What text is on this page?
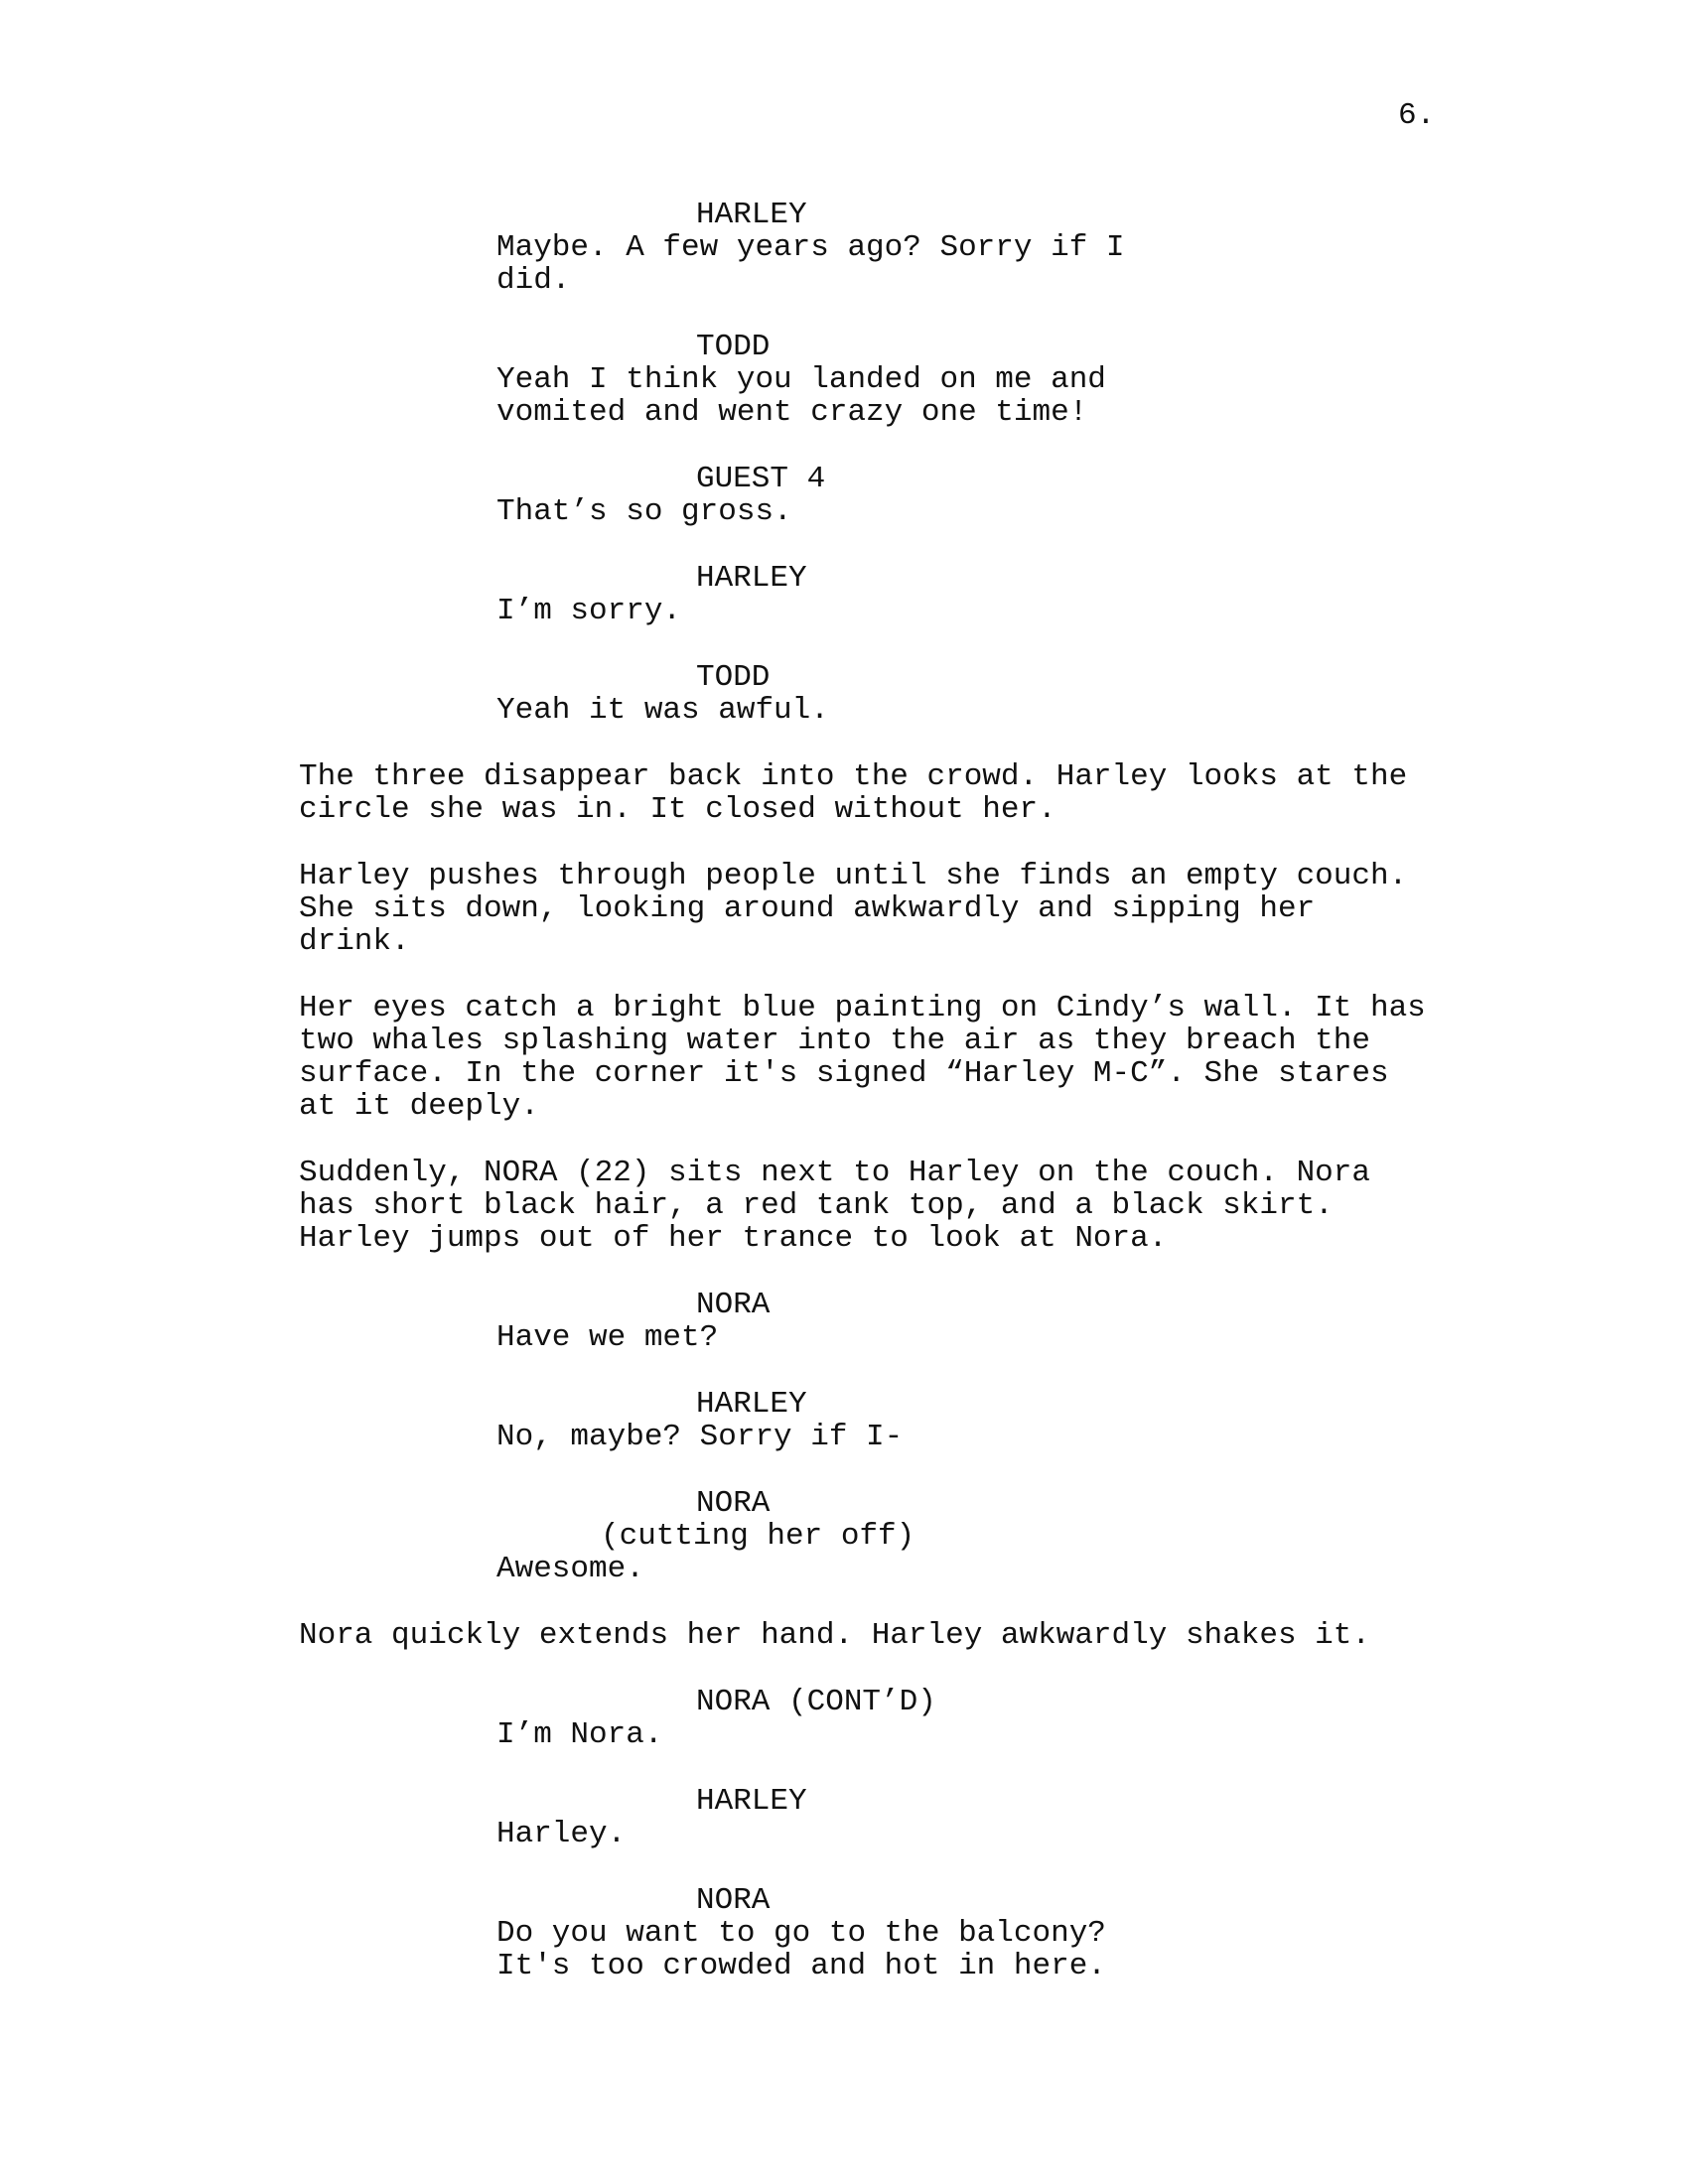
6.
HARLEY
Maybe. A few years ago? Sorry if I
did.
TODD
Yeah I think you landed on me and
vomited and went crazy one time!
GUEST 4
That’s so gross.
HARLEY
I’m sorry.
TODD
Yeah it was awful.
The three disappear back into the crowd. Harley looks at the
circle she was in. It closed without her.
Harley pushes through people until she finds an empty couch.
She sits down, looking around awkwardly and sipping her
drink.
Her eyes catch a bright blue painting on Cindy’s wall. It has
two whales splashing water into the air as they breach the
surface. In the corner it's signed “Harley M-C”. She stares
at it deeply.
Suddenly, NORA (22) sits next to Harley on the couch. Nora
has short black hair, a red tank top, and a black skirt.
Harley jumps out of her trance to look at Nora.
NORA
Have we met?
HARLEY
No, maybe? Sorry if I-
NORA
(cutting her off)
Awesome.
Nora quickly extends her hand. Harley awkwardly shakes it.
NORA (CONT’D)
I’m Nora.
HARLEY
Harley.
NORA
Do you want to go to the balcony?
It's too crowded and hot in here.
